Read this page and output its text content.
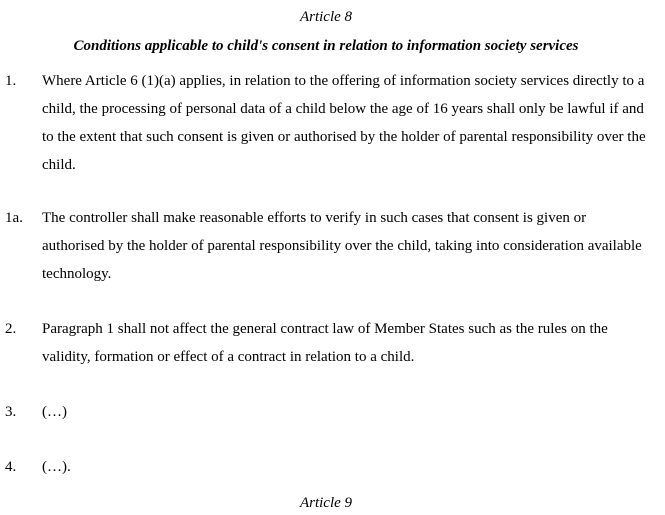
Article 8
Conditions applicable to child's consent in relation to information society services
1. Where Article 6 (1)(a) applies, in relation to the offering of information society services directly to a child, the processing of personal data of a child below the age of 16 years shall only be lawful if and to the extent that such consent is given or authorised by the holder of parental responsibility over the child.
1a. The controller shall make reasonable efforts to verify in such cases that consent is given or authorised by the holder of parental responsibility over the child, taking into consideration available technology.
2. Paragraph 1 shall not affect the general contract law of Member States such as the rules on the validity, formation or effect of a contract in relation to a child.
3. (…)
4. (…).
Article 9
